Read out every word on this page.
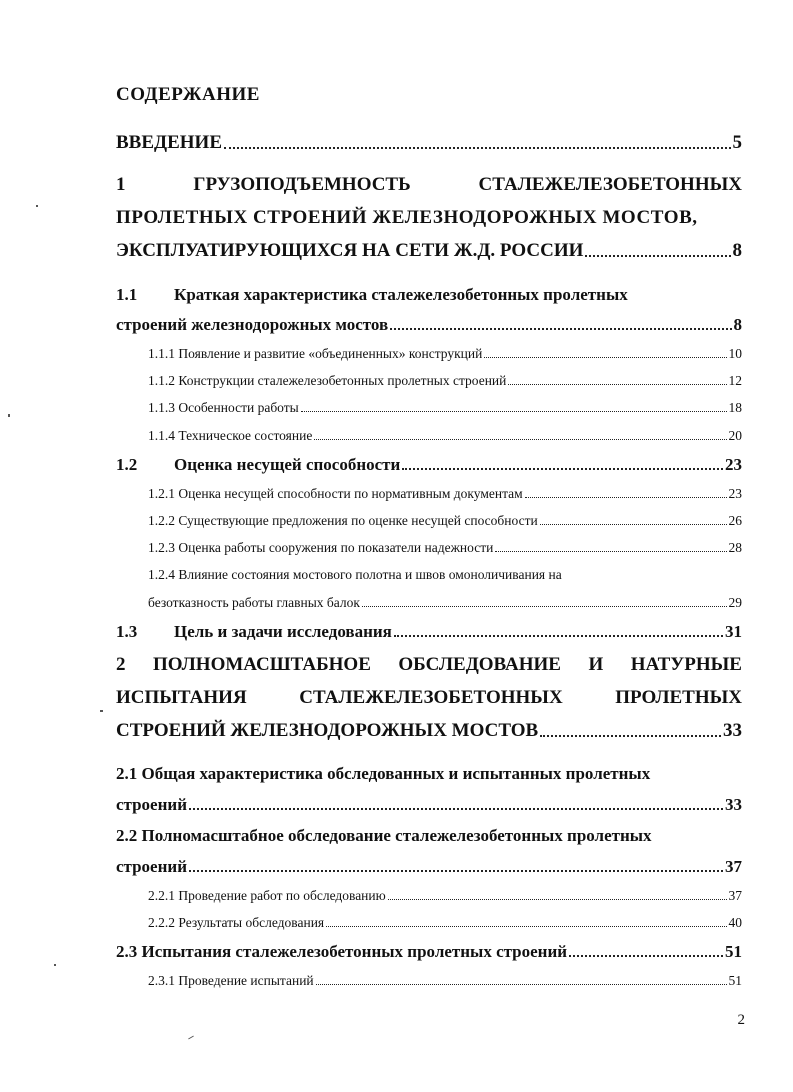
СОДЕРЖАНИЕ
ВВЕДЕНИЕ	5
1	ГРУЗОПОДЪЕМНОСТЬ	СТАЛЕЖЕЛЕЗОБЕТОННЫХ
ПРОЛЕТНЫХ СТРОЕНИЙ ЖЕЛЕЗНОДОРОЖНЫХ МОСТОВ,
ЭКСПЛУАТИРУЮЩИХСЯ НА СЕТИ Ж.Д. РОССИИ	8
1.1 Краткая характеристика сталежелезобетонных пролетных
строений железнодорожных мостов	8
1.1.1 Появление и развитие «объединенных» конструкций	10
1.1.2 Конструкции сталежелезобетонных пролетных строений	12
1.1.3 Особенности работы	18
1.1.4 Техническое состояние	20
1.2 Оценка несущей способности	23
1.2.1 Оценка несущей способности по нормативным документам	23
1.2.2 Существующие предложения по оценке несущей способности	26
1.2.3 Оценка работы сооружения по показатели надежности	28
1.2.4 Влияние состояния мостового полотна и швов омоноличивания на
безотказность работы главных балок	29
1.3 Цель и задачи исследования	31
2 ПОЛНОМАСШТАБНОЕ ОБСЛЕДОВАНИЕ И НАТУРНЫЕ
ИСПЫТАНИЯ	СТАЛЕЖЕЛЕЗОБЕТОННЫХ	ПРОЛЕТНЫХ
СТРОЕНИЙ ЖЕЛЕЗНОДОРОЖНЫХ МОСТОВ	33
2.1 Общая характеристика обследованных и испытанных пролетных
строений	33
2.2 Полномасштабное обследование сталежелезобетонных пролетных
строений	37
2.2.1 Проведение работ по обследованию	37
2.2.2 Результаты обследования	40
2.3 Испытания сталежелезобетонных пролетных строений	51
2.3.1 Проведение испытаний	51
2
